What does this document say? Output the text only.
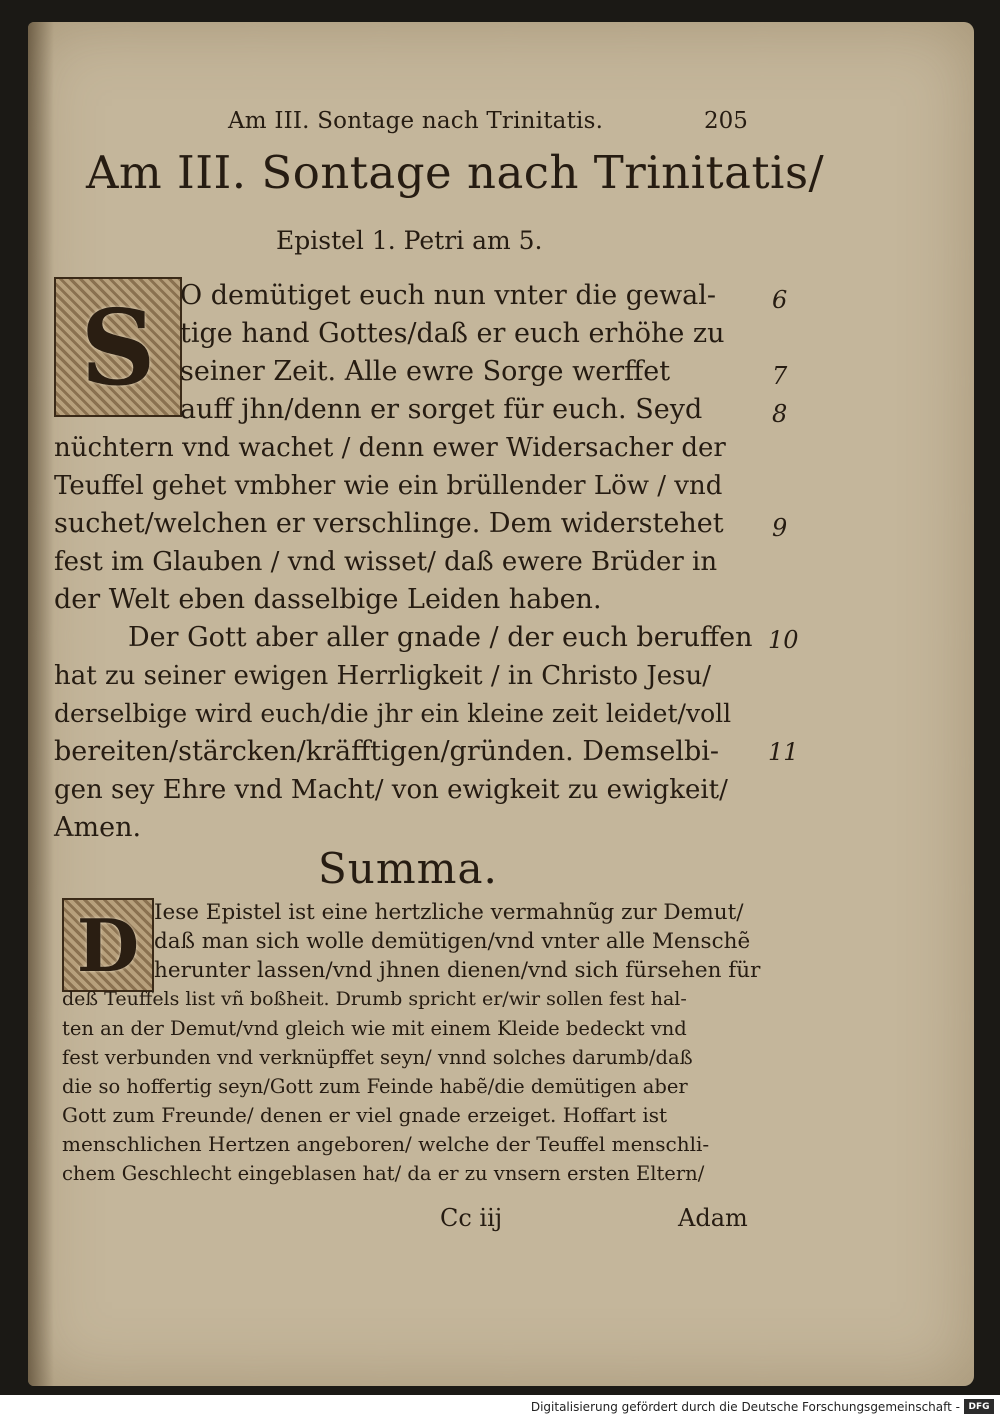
Am III. Sontage nach Trinitatis.	205
Am III. Sontage nach Trinitatis/
Epistel 1. Petri am 5.
S O demütiget euch nun vnter die gewal-
tige hand Gottes/daß er euch erhöhe zu
seiner Zeit. Alle ewre Sorge werffet
auff jhn/denn er sorget für euch. Seyd
nüchtern vnd wachet / denn ewer Widersacher der
Teuffel gehet vmbher wie ein brüllender Löw / vnd
suchet/welchen er verschlinge. Dem widerstehet
fest im Glauben / vnd wisset/ daß ewere Brüder in
der Welt eben dasselbige Leiden haben.
Der Gott aber aller gnade / der euch beruffen
hat zu seiner ewigen Herrligkeit / in Christo Jesu/
derselbige wird euch/die jhr ein kleine zeit leidet/voll
bereiten/stärcken/kräfftigen/gründen. Demselbi-
gen sey Ehre vnd Macht/ von ewigkeit zu ewigkeit/
Amen.
6
7
8
9
10
11
Summa.
D Iese Epistel ist eine hertzliche vermahnũg zur Demut/
daß man sich wolle demütigen/vnd vnter alle Menschẽ
herunter lassen/vnd jhnen dienen/vnd sich fürsehen für
deß Teuffels list vñ boßheit. Drumb spricht er/wir sollen fest hal-
ten an der Demut/vnd gleich wie mit einem Kleide bedeckt vnd
fest verbunden vnd verknüpffet seyn/ vnnd solches darumb/daß
die so hoffertig seyn/Gott zum Feinde habẽ/die demütigen aber
Gott zum Freunde/ denen er viel gnade erzeiget. Hoffart ist
menschlichen Hertzen angeboren/ welche der Teuffel menschli-
chem Geschlecht eingeblasen hat/ da er zu vnsern ersten Eltern/
Cc iij	Adam
Digitalisierung gefördert durch die Deutsche Forschungsgemeinschaft - DFG
